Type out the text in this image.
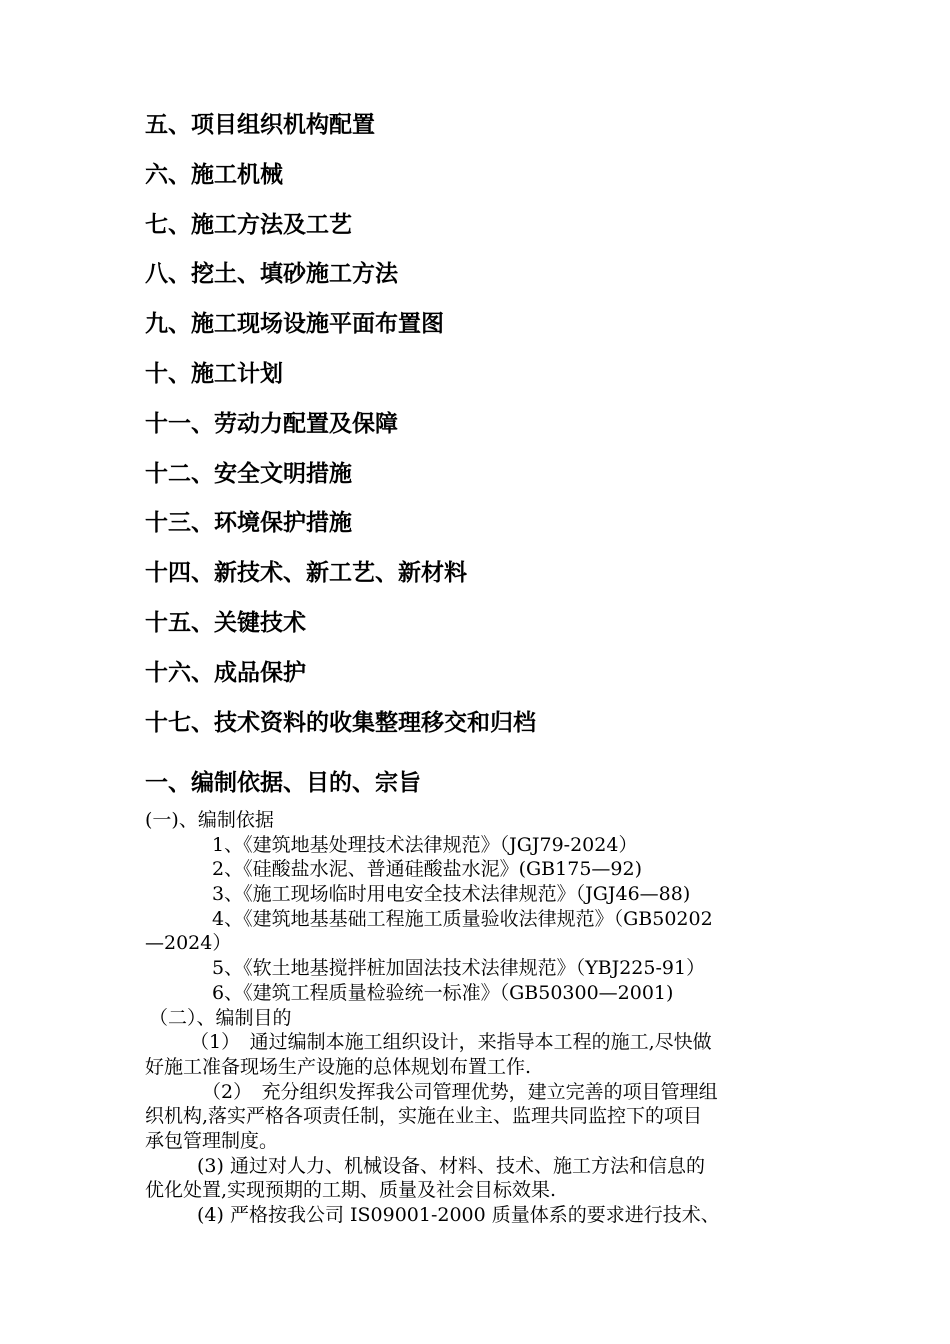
五、项目组织机构配置
六、施工机械
七、施工方法及工艺
八、挖土、填砂施工方法
九、施工现场设施平面布置图
十、施工计划
十一、劳动力配置及保障
十二、安全文明措施
十三、环境保护措施
十四、新技术、新工艺、新材料
十五、关键技术
十六、成品保护
十七、技术资料的收集整理移交和归档
一、编制依据、目的、宗旨
(一)、编制依据
1、《建筑地基处理技术法律规范》（JGJ79-2024）
2、《硅酸盐水泥、普通硅酸盐水泥》(GB175—92)
3、《施工现场临时用电安全技术法律规范》（JGJ46—88)
4、《建筑地基基础工程施工质量验收法律规范》（GB50202
—2024）
5、《软土地基搅拌桩加固法技术法律规范》（YBJ225-91）
6、《建筑工程质量检验统一标准》（GB50300—2001)
（二）、编制目的
（1）　通过编制本施工组织设计，来指导本工程的施工,尽快做
好施工准备现场生产设施的总体规划布置工作.
（2）　充分组织发挥我公司管理优势，建立完善的项目管理组
织机构,落实严格各项责任制，实施在业主、监理共同监控下的项目
承包管理制度。
(3) 通过对人力、机械设备、材料、技术、施工方法和信息的
优化处置,实现预期的工期、质量及社会目标效果.
(4) 严格按我公司 IS09001-2000 质量体系的要求进行技术、
